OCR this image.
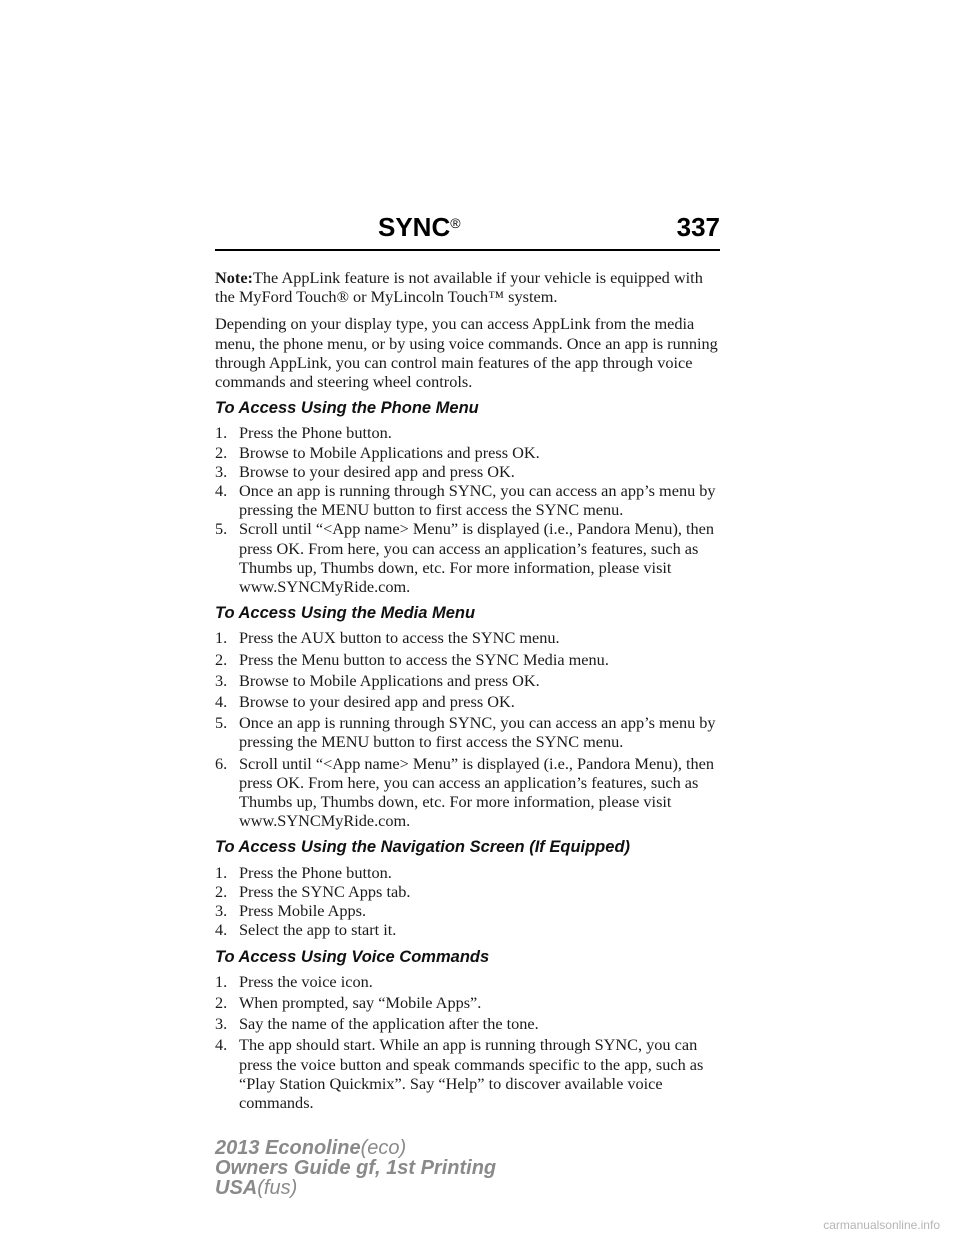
SYNC®	337

Note:The AppLink feature is not available if your vehicle is equipped with the MyFord Touch® or MyLincoln Touch™ system.

Depending on your display type, you can access AppLink from the media menu, the phone menu, or by using voice commands. Once an app is running through AppLink, you can control main features of the app through voice commands and steering wheel controls.

To Access Using the Phone Menu
1. Press the Phone button.
2. Browse to Mobile Applications and press OK.
3. Browse to your desired app and press OK.
4. Once an app is running through SYNC, you can access an app’s menu by pressing the MENU button to first access the SYNC menu.
5. Scroll until “<App name> Menu” is displayed (i.e., Pandora Menu), then press OK. From here, you can access an application’s features, such as Thumbs up, Thumbs down, etc. For more information, please visit www.SYNCMyRide.com.
To Access Using the Media Menu
1. Press the AUX button to access the SYNC menu.
2. Press the Menu button to access the SYNC Media menu.
3. Browse to Mobile Applications and press OK.
4. Browse to your desired app and press OK.
5. Once an app is running through SYNC, you can access an app’s menu by pressing the MENU button to first access the SYNC menu.
6. Scroll until “<App name> Menu” is displayed (i.e., Pandora Menu), then press OK. From here, you can access an application’s features, such as Thumbs up, Thumbs down, etc. For more information, please visit www.SYNCMyRide.com.
To Access Using the Navigation Screen (If Equipped)
1. Press the Phone button.
2. Press the SYNC Apps tab.
3. Press Mobile Apps.
4. Select the app to start it.
To Access Using Voice Commands
1. Press the voice icon.
2. When prompted, say “Mobile Apps”.
3. Say the name of the application after the tone.
4. The app should start. While an app is running through SYNC, you can press the voice button and speak commands specific to the app, such as “Play Station Quickmix”. Say “Help” to discover available voice commands.
2013 Econoline(eco)
Owners Guide gf, 1st Printing
USA(fus)
carmanualsonline.info
